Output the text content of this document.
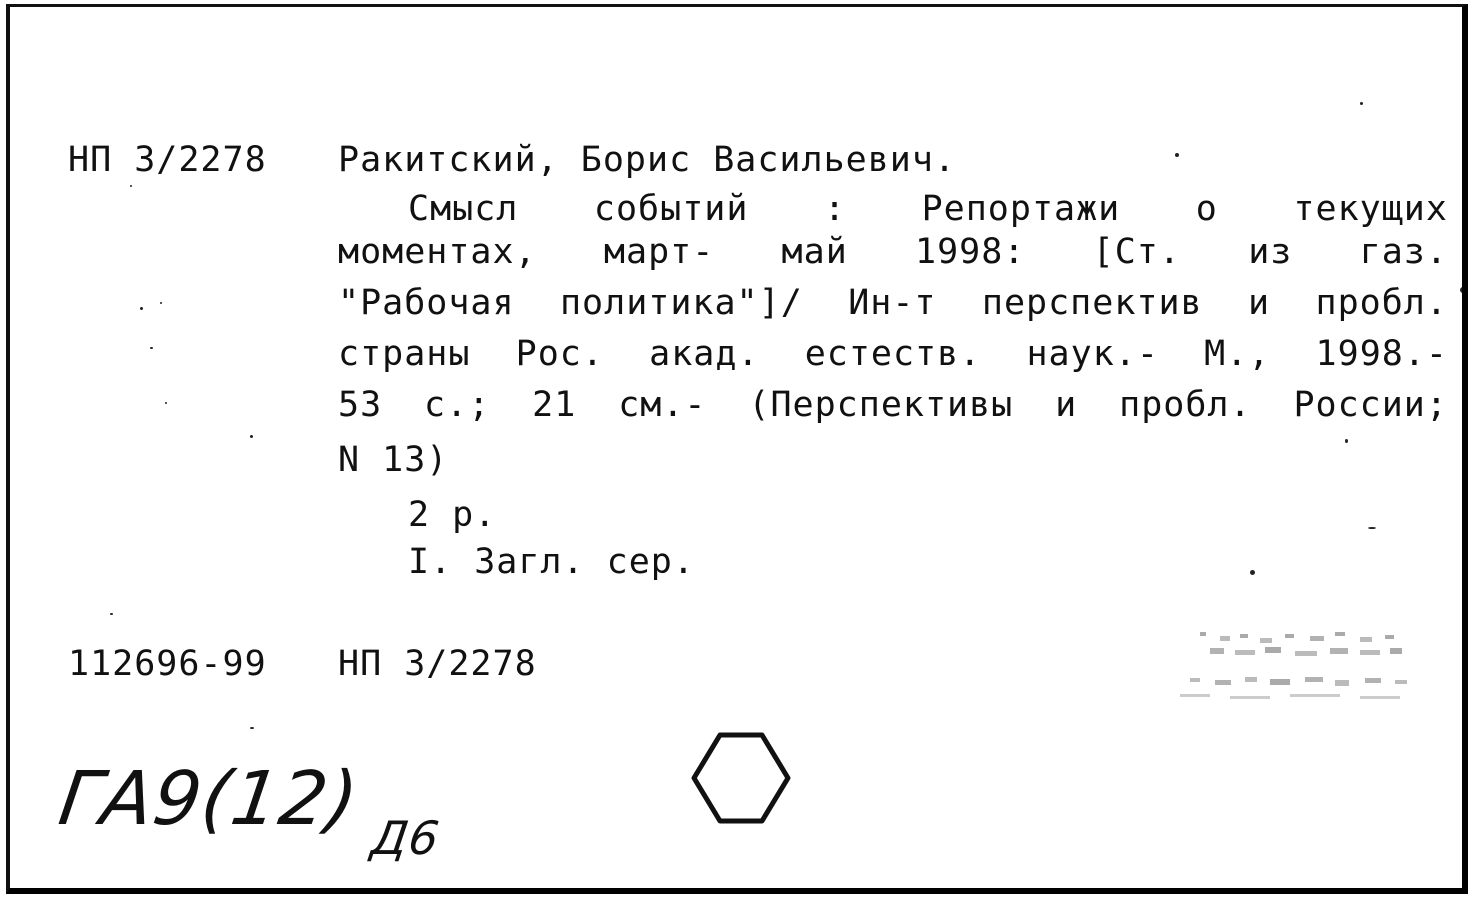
НП 3/2278 Ракитский, Борис Васильевич.
Смысл событий : Репортажи о текущих
моментах, март- май 1998: [Ст. из газ.
"Рабочая политика"]/ Ин-т перспектив и пробл.
страны Рос. акад. естеств. наук.- М., 1998.-
53 с.; 21 см.- (Перспективы и пробл. России;
N 13)
2 р.
I. Загл. сер.
112696-99 НП 3/2278
ГА9(12) Д6
